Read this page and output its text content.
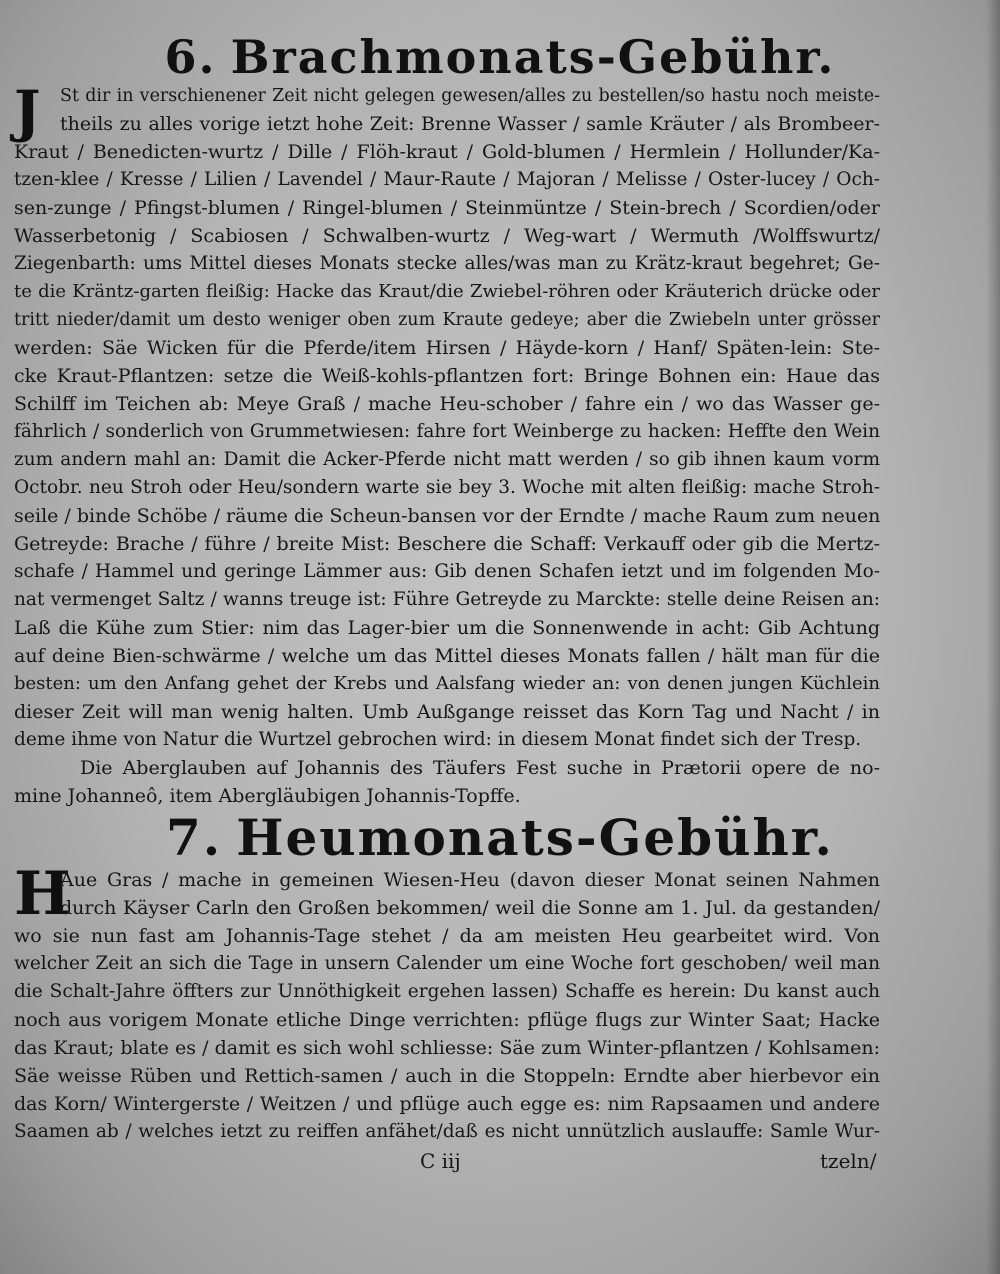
6. Brachmonats-Gebühr.
J St dir in verschienener Zeit nicht gelegen gewesen/alles zu bestellen/so hastu noch meiste-
theils zu alles vorige ietzt hohe Zeit: Brenne Wasser / samle Kräuter / als Brombeer-
Kraut / Benedicten-wurtz / Dille / Flöh-kraut / Gold-blumen / Hermlein / Hollunder/Ka-
tzen-klee / Kresse / Lilien / Lavendel / Maur-Raute / Majoran / Melisse / Oster-lucey / Och-
sen-zunge / Pfingst-blumen / Ringel-blumen / Steinmüntze / Stein-brech / Scordien/oder
Wasserbetonig / Scabiosen / Schwalben-wurtz / Weg-wart / Wermuth /Wolffswurtz/
Ziegenbarth: ums Mittel dieses Monats stecke alles/was man zu Krätz-kraut begehret; Ge-
te die Kräntz-garten fleißig: Hacke das Kraut/die Zwiebel-röhren oder Kräuterich drücke oder
tritt nieder/damit um desto weniger oben zum Kraute gedeye; aber die Zwiebeln unter grösser
werden: Säe Wicken für die Pferde/item Hirsen / Häyde-korn / Hanf/ Späten-lein: Ste-
cke Kraut-Pflantzen: setze die Weiß-kohls-pflantzen fort: Bringe Bohnen ein: Haue das
Schilff im Teichen ab: Meye Graß / mache Heu-schober / fahre ein / wo das Wasser ge-
fährlich / sonderlich von Grummetwiesen: fahre fort Weinberge zu hacken: Heffte den Wein
zum andern mahl an: Damit die Acker-Pferde nicht matt werden / so gib ihnen kaum vorm
Octobr. neu Stroh oder Heu/sondern warte sie bey 3. Woche mit alten fleißig: mache Stroh-
seile / binde Schöbe / räume die Scheun-bansen vor der Erndte / mache Raum zum neuen
Getreyde: Brache / führe / breite Mist: Beschere die Schaff: Verkauff oder gib die Mertz-
schafe / Hammel und geringe Lämmer aus: Gib denen Schafen ietzt und im folgenden Mo-
nat vermenget Saltz / wanns treuge ist: Führe Getreyde zu Marckte: stelle deine Reisen an:
Laß die Kühe zum Stier: nim das Lager-bier um die Sonnenwende in acht: Gib Achtung
auf deine Bien-schwärme / welche um das Mittel dieses Monats fallen / hält man für die
besten: um den Anfang gehet der Krebs und Aalsfang wieder an: von denen jungen Küchlein
dieser Zeit will man wenig halten. Umb Außgange reisset das Korn Tag und Nacht / in
deme ihme von Natur die Wurtzel gebrochen wird: in diesem Monat findet sich der Tresp.
Die Aberglauben auf Johannis des Täufers Fest suche in Prætorii opere de no-
mine Johanneô, item Abergläubigen Johannis-Topffe.
7. Heumonats-Gebühr.
H
Aue Gras / mache in gemeinen Wiesen-Heu (davon dieser Monat seinen Nahmen
durch Käyser Carln den Großen bekommen/ weil die Sonne am 1. Jul. da gestanden/
wo sie nun fast am Johannis-Tage stehet / da am meisten Heu gearbeitet wird. Von
welcher Zeit an sich die Tage in unsern Calender um eine Woche fort geschoben/ weil man
die Schalt-Jahre öffters zur Unnöthigkeit ergehen lassen) Schaffe es herein: Du kanst auch
noch aus vorigem Monate etliche Dinge verrichten: pflüge flugs zur Winter Saat; Hacke
das Kraut; blate es / damit es sich wohl schliesse: Säe zum Winter-pflantzen / Kohlsamen:
Säe weisse Rüben und Rettich-samen / auch in die Stoppeln: Erndte aber hierbevor ein
das Korn/ Wintergerste / Weitzen / und pflüge auch egge es: nim Rapsaamen und andere
Saamen ab / welches ietzt zu reiffen anfähet/daß es nicht unnützlich auslauffe: Samle Wur-
C iij	tzeln/
